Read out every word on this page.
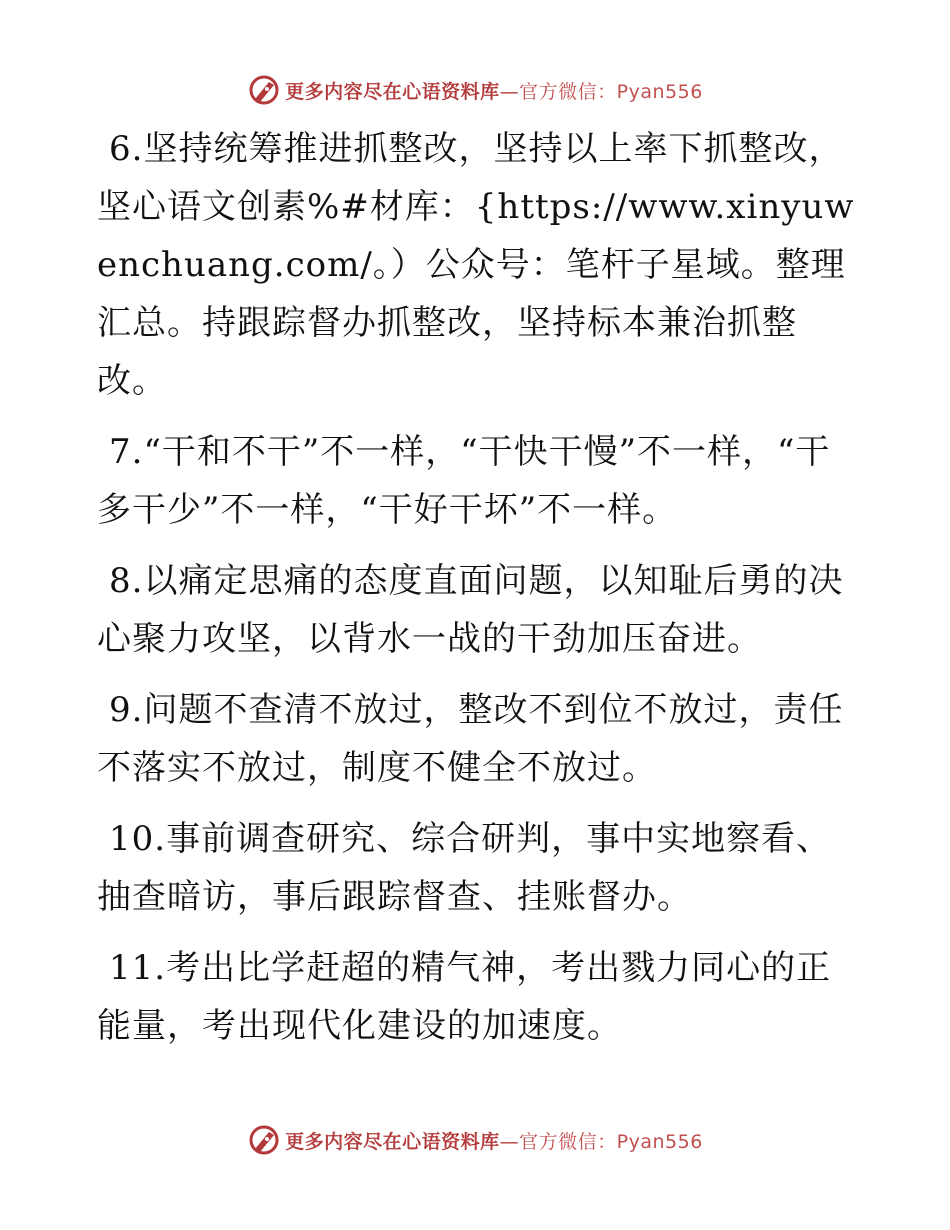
更多内容尽在心语资料库—官方微信：Pyan556

6.坚持统筹推进抓整改，坚持以上率下抓整改，坚心语文创素%#材库：{https://www.xinyuwenchuang.com/。）公众号：笔杆子星域。整理汇总。持跟踪督办抓整改，坚持标本兼治抓整改。

7.“干和不干”不一样，“干快干慢”不一样，“干多干少”不一样，“干好干坏”不一样。

8.以痛定思痛的态度直面问题，以知耻后勇的决心聚力攻坚，以背水一战的干劲加压奋进。

9.问题不查清不放过，整改不到位不放过，责任不落实不放过，制度不健全不放过。

10.事前调查研究、综合研判，事中实地察看、抽查暗访，事后跟踪督查、挂账督办。

11.考出比学赶超的精气神，考出戮力同心的正能量，考出现代化建设的加速度。

更多内容尽在心语资料库—官方微信：Pyan556
